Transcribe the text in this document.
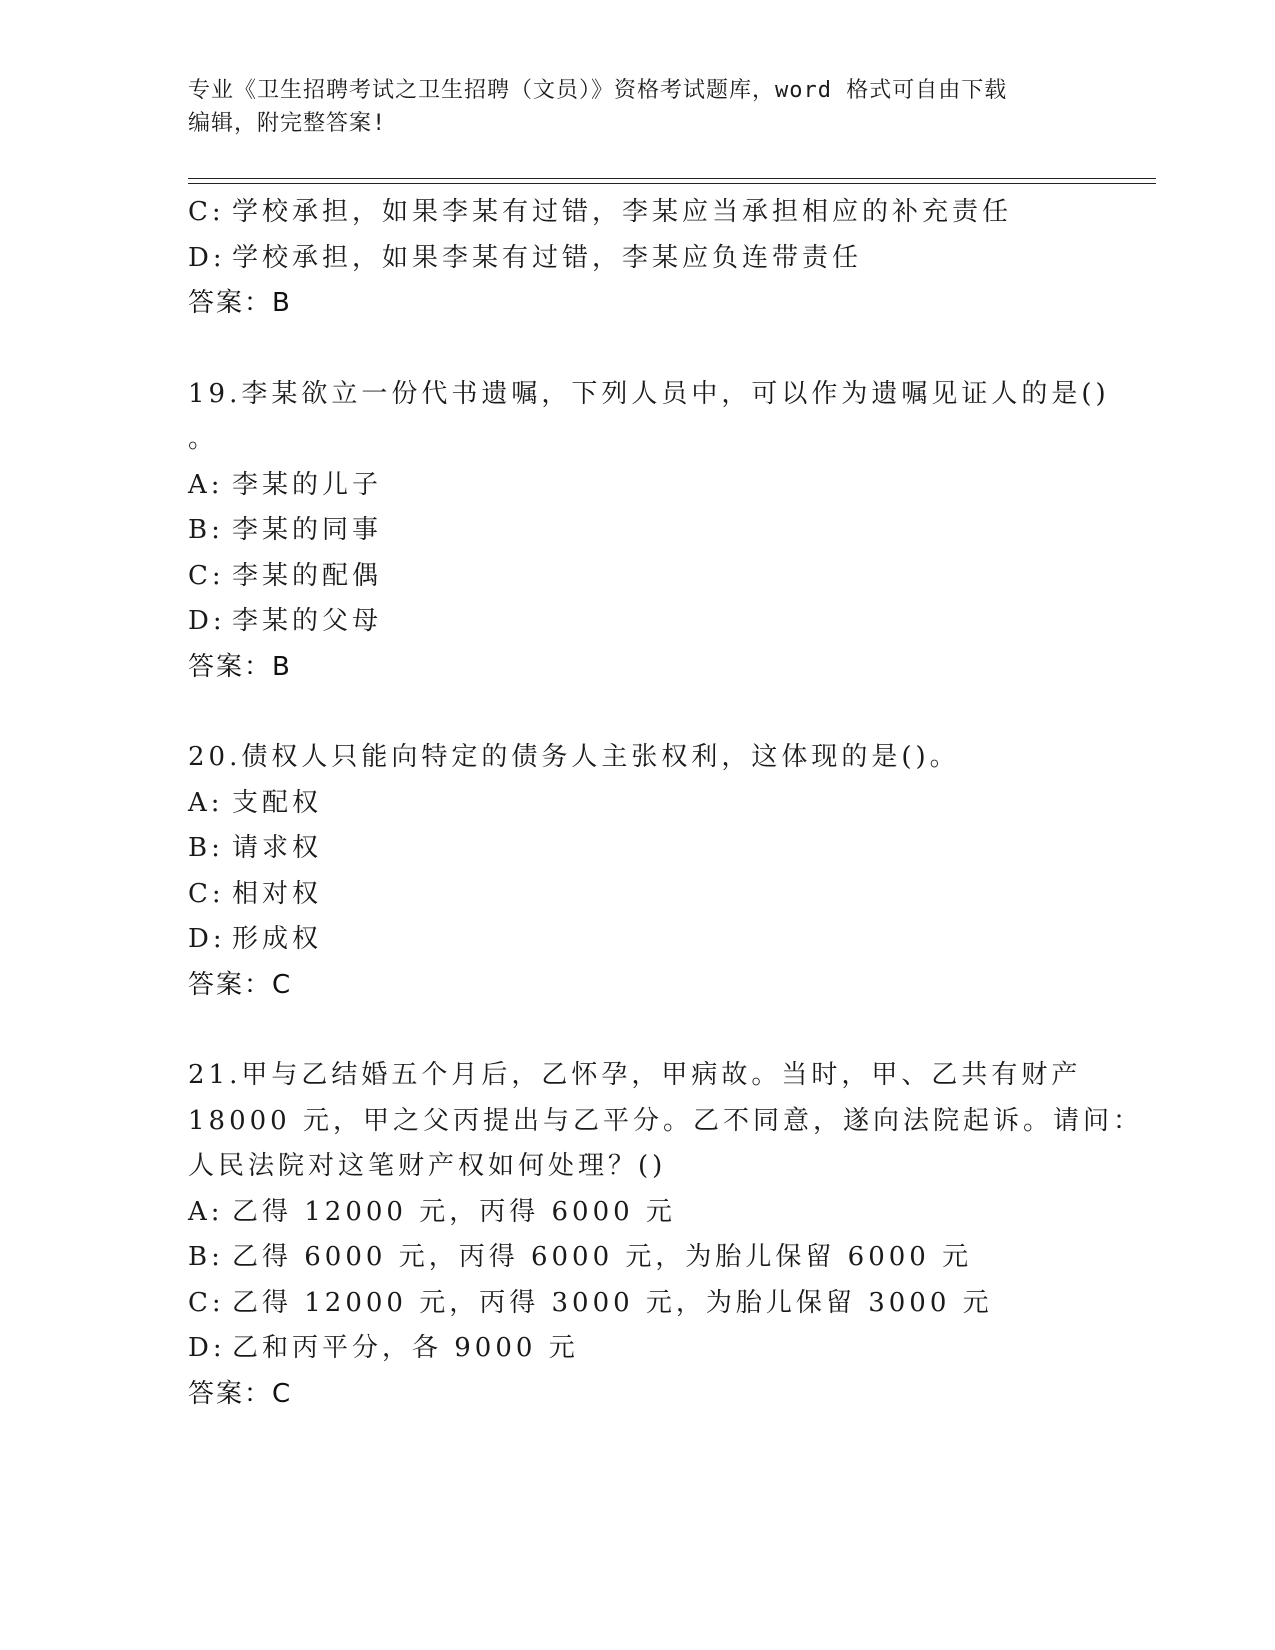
专业《卫生招聘考试之卫生招聘（文员）》资格考试题库，word 格式可自由下载
编辑，附完整答案!
C: 学校承担，如果李某有过错，李某应当承担相应的补充责任
D: 学校承担，如果李某有过错，李某应负连带责任
答案：B
19.李某欲立一份代书遗嘱，下列人员中，可以作为遗嘱见证人的是()
。
A: 李某的儿子
B: 李某的同事
C: 李某的配偶
D: 李某的父母
答案：B
20.债权人只能向特定的债务人主张权利，这体现的是()。
A: 支配权
B: 请求权
C: 相对权
D: 形成权
答案：C
21.甲与乙结婚五个月后，乙怀孕，甲病故。当时，甲、乙共有财产
18000 元，甲之父丙提出与乙平分。乙不同意，遂向法院起诉。请问：
人民法院对这笔财产权如何处理？()
A: 乙得 12000 元，丙得 6000 元
B: 乙得 6000 元，丙得 6000 元，为胎儿保留 6000 元
C: 乙得 12000 元，丙得 3000 元，为胎儿保留 3000 元
D: 乙和丙平分，各 9000 元
答案：C
